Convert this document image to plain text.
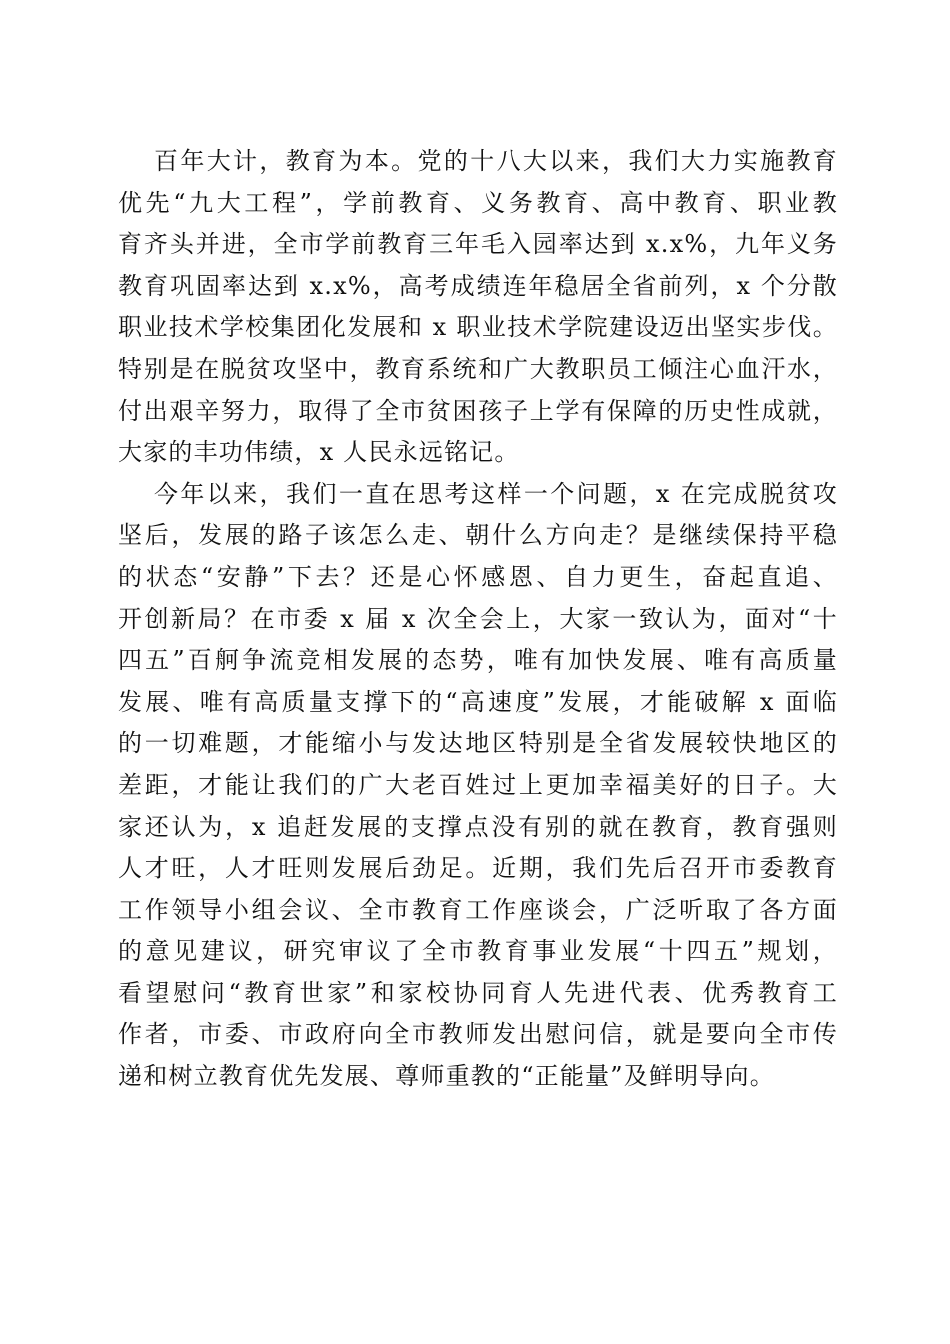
百年大计，教育为本。党的十八大以来，我们大力实施教育
优先“九大工程”，学前教育、义务教育、高中教育、职业教
育齐头并进，全市学前教育三年毛入园率达到 x.x%，九年义务
教育巩固率达到 x.x%，高考成绩连年稳居全省前列，x 个分散
职业技术学校集团化发展和 x 职业技术学院建设迈出坚实步伐。
特别是在脱贫攻坚中，教育系统和广大教职员工倾注心血汗水，
付出艰辛努力，取得了全市贫困孩子上学有保障的历史性成就，
大家的丰功伟绩，x 人民永远铭记。
今年以来，我们一直在思考这样一个问题，x 在完成脱贫攻
坚后，发展的路子该怎么走、朝什么方向走？是继续保持平稳
的状态“安静”下去？还是心怀感恩、自力更生，奋起直追、
开创新局？在市委 x 届 x 次全会上，大家一致认为，面对“十
四五”百舸争流竞相发展的态势，唯有加快发展、唯有高质量
发展、唯有高质量支撑下的“高速度”发展，才能破解 x 面临
的一切难题，才能缩小与发达地区特别是全省发展较快地区的
差距，才能让我们的广大老百姓过上更加幸福美好的日子。大
家还认为，x 追赶发展的支撑点没有别的就在教育，教育强则
人才旺，人才旺则发展后劲足。近期，我们先后召开市委教育
工作领导小组会议、全市教育工作座谈会，广泛听取了各方面
的意见建议，研究审议了全市教育事业发展“十四五”规划，
看望慰问“教育世家”和家校协同育人先进代表、优秀教育工
作者，市委、市政府向全市教师发出慰问信，就是要向全市传
递和树立教育优先发展、尊师重教的“正能量”及鲜明导向。
